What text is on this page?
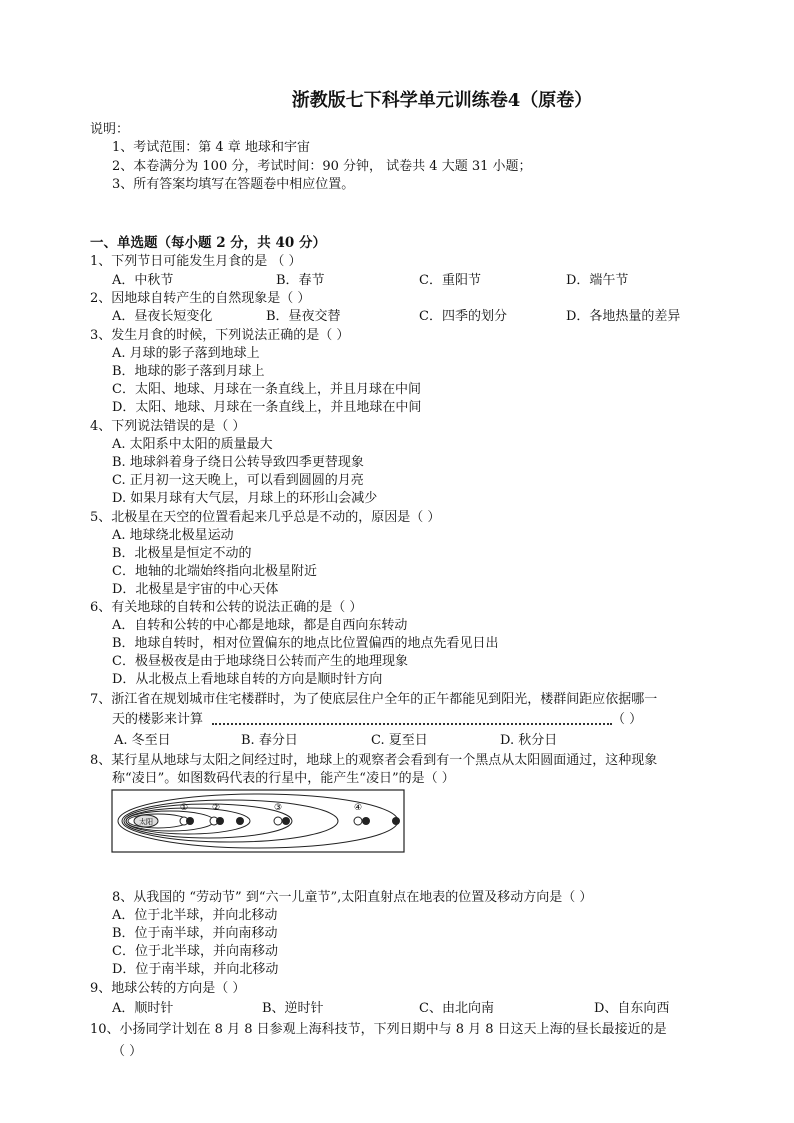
浙教版七下科学单元训练卷4（原卷）
说明：
1、考试范围：第 4 章 地球和宇宙
2、本卷满分为 100 分，考试时间：90 分钟， 试卷共 4 大题 31 小题；
3、所有答案均填写在答题卷中相应位置。
一、单选题（每小题 2 分，共 40 分）
1、下列节日可能发生月食的是 （ ）
A．中秋节	B．春节	C．重阳节	D．端午节
2、因地球自转产生的自然现象是（ ）
A．昼夜长短变化	B．昼夜交替	C．四季的划分	D．各地热量的差异
3、发生月食的时候，下列说法正确的是（ ）
A. 月球的影子落到地球上
B．地球的影子落到月球上
C．太阳、地球、月球在一条直线上，并且月球在中间
D．太阳、地球、月球在一条直线上，并且地球在中间
4、下列说法错误的是（ ）
A. 太阳系中太阳的质量最大
B. 地球斜着身子绕日公转导致四季更替现象
C. 正月初一这天晚上，可以看到圆圆的月亮
D. 如果月球有大气层，月球上的环形山会减少
5、北极星在天空的位置看起来几乎总是不动的，原因是（ ）
A. 地球绕北极星运动
B．北极星是恒定不动的
C．地轴的北端始终指向北极星附近
D．北极星是宇宙的中心天体
6、有关地球的自转和公转的说法正确的是（ ）
A．自转和公转的中心都是地球，都是自西向东转动
B．地球自转时，相对位置偏东的地点比位置偏西的地点先看见日出
C．极昼极夜是由于地球绕日公转而产生的地理现象
D．从北极点上看地球自转的方向是顺时针方向
7、浙江省在规划城市住宅楼群时，为了使底层住户全年的正午都能见到阳光，楼群间距应依据哪一
天的楼影来计算	（ ）
A. 冬至日	B. 春分日	C. 夏至日	D. 秋分日
8、某行星从地球与太阳之间经过时，地球上的观察者会看到有一个黑点从太阳圆面通过，这种现象
称“凌日”。如图数码代表的行星中，能产生“凌日”的是（ ）
太阳
①	②	③	④
8、从我国的 “劳动节” 到“六一儿童节”,太阳直射点在地表的位置及移动方向是（ ）
A．位于北半球，并向北移动
B．位于南半球，并向南移动
C．位于北半球，并向南移动
D．位于南半球，并向北移动
9、地球公转的方向是（ ）
A．顺时针	B、逆时针	C、由北向南	D、自东向西
10、小扬同学计划在 8 月 8 日参观上海科技节，下列日期中与 8 月 8 日这天上海的昼长最接近的是
（ ）
